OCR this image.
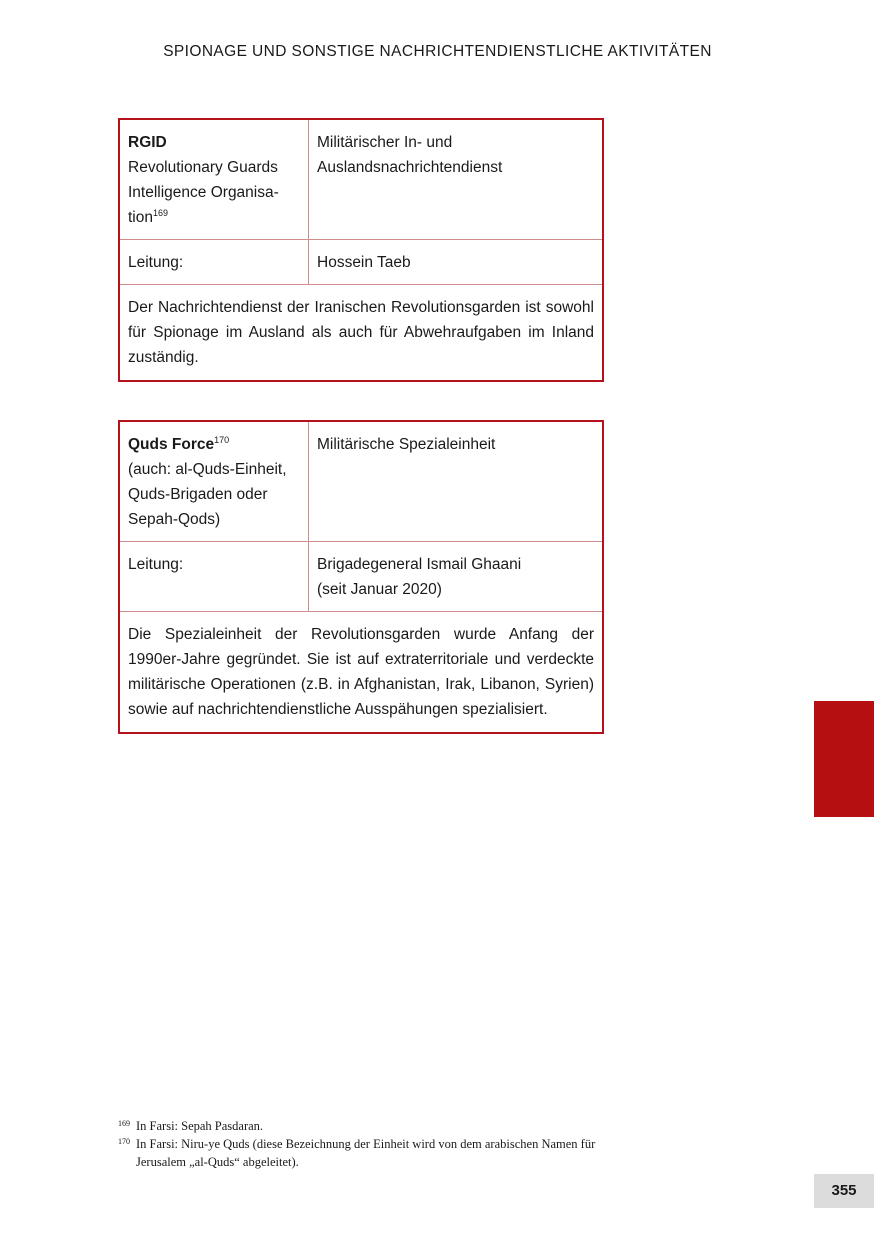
SPIONAGE UND SONSTIGE NACHRICHTENDIENSTLICHE AKTIVITÄTEN
RGID
Revolutionary Guards
Intelligence Organisa-
tion$^{169}$
Militärischer In- und
Auslandsnachrichtendienst
Leitung:	Hossein Taeb
Der Nachrichtendienst der Iranischen Revolutionsgarden ist sowohl für Spionage im Ausland als auch für Abwehraufgaben im Inland zuständig.
Quds Force$^{170}$
(auch: al-Quds-Einheit,
Quds-Brigaden oder
Sepah-Qods)
Militärische Spezialeinheit
Leitung:	Brigadegeneral Ismail Ghaani
(seit Januar 2020)
Die Spezialeinheit der Revolutionsgarden wurde Anfang der 1990er-Jahre gegründet. Sie ist auf extraterritoriale und verdeckte militärische Operationen (z.B. in Afghanistan, Irak, Libanon, Syrien) sowie auf nachrichtendienstliche Ausspähungen spezialisiert.
169 In Farsi: Sepah Pasdaran.
170 In Farsi: Niru-ye Quds (diese Bezeichnung der Einheit wird von dem arabischen Namen für Jerusalem „al-Quds“ abgeleitet).
355
